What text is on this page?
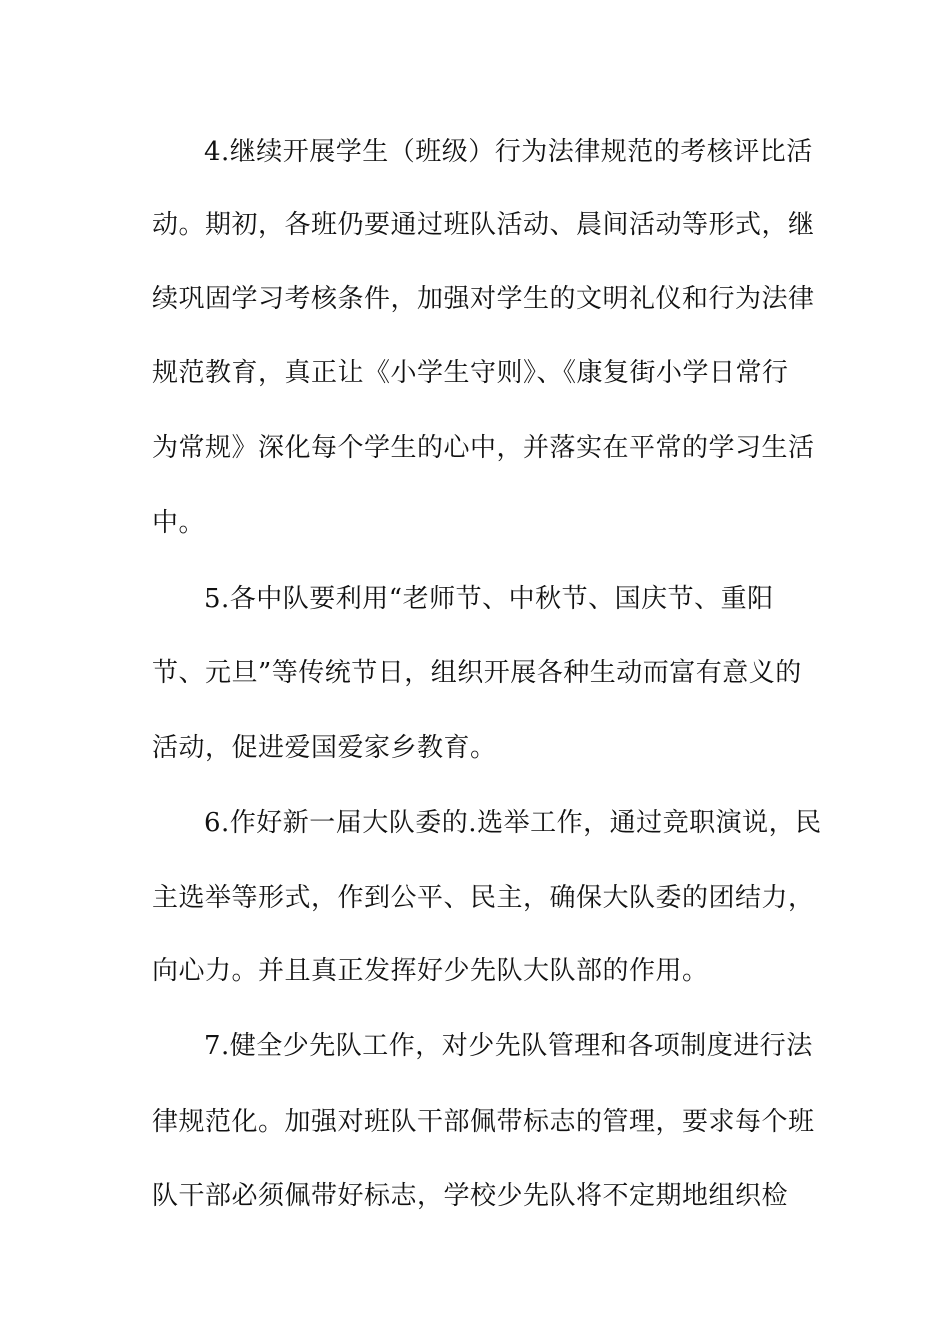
4.继续开展学生（班级）行为法律规范的考核评比活
动。期初，各班仍要通过班队活动、晨间活动等形式，继
续巩固学习考核条件，加强对学生的文明礼仪和行为法律
规范教育，真正让《小学生守则》、《康复街小学日常行
为常规》深化每个学生的心中，并落实在平常的学习生活
中。
5.各中队要利用“老师节、中秋节、国庆节、重阳
节、元旦”等传统节日，组织开展各种生动而富有意义的
活动，促进爱国爱家乡教育。
6.作好新一届大队委的.选举工作，通过竞职演说，民
主选举等形式，作到公平、民主，确保大队委的团结力，
向心力。并且真正发挥好少先队大队部的作用。
7.健全少先队工作，对少先队管理和各项制度进行法
律规范化。加强对班队干部佩带标志的管理，要求每个班
队干部必须佩带好标志，学校少先队将不定期地组织检
